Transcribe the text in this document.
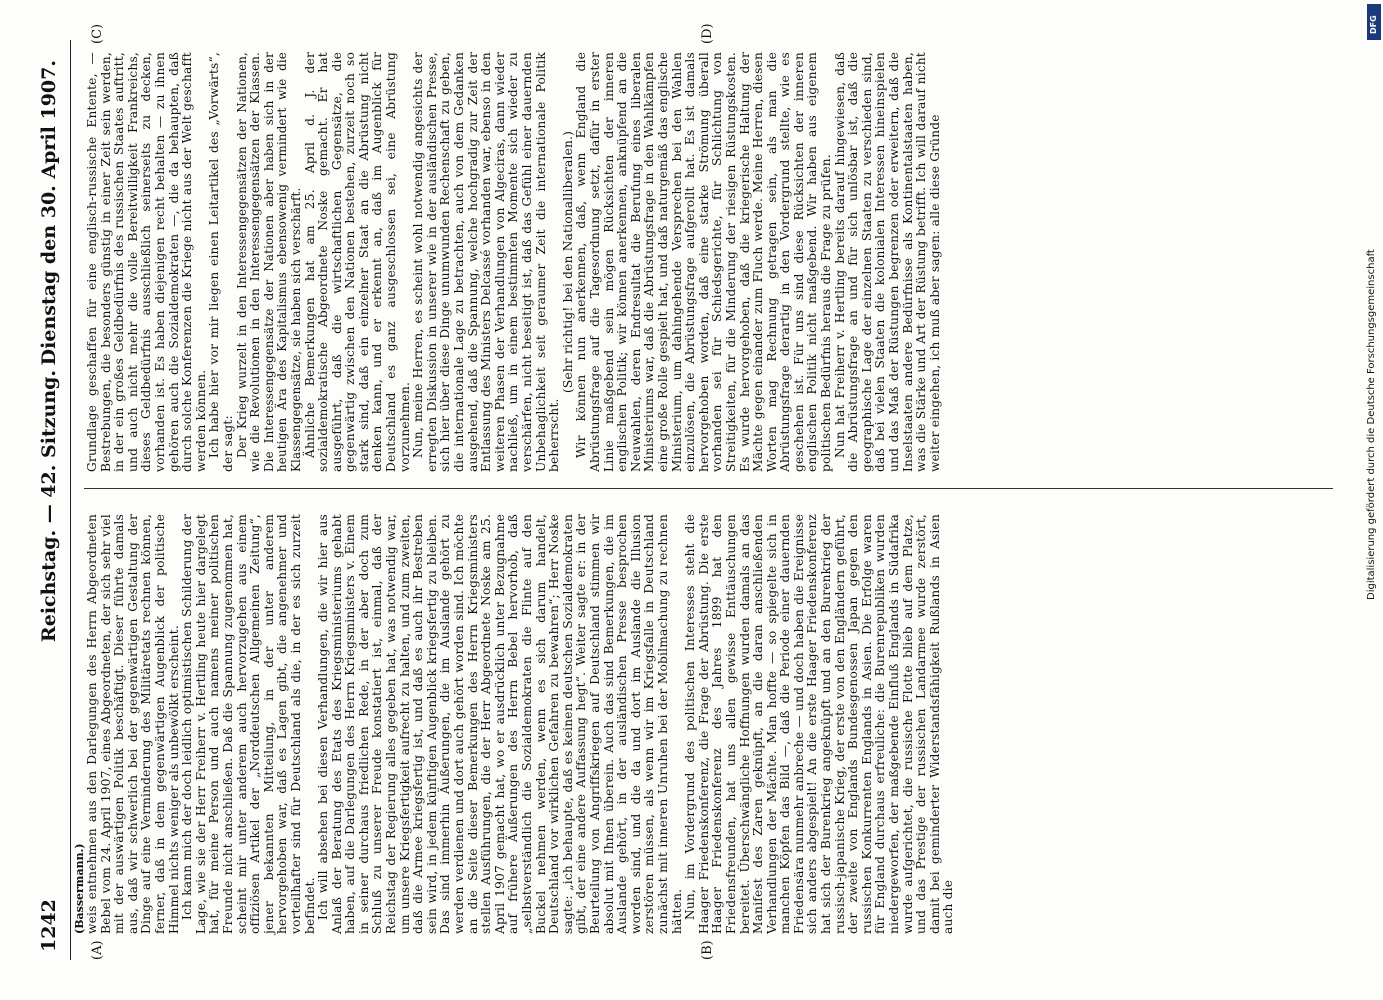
1242
Reichstag. — 42. Sitzung.
Dienstag den 30. April 1907.
(Bassermann.)
(A)	(B)
(C)	(D)

weis entnehmen aus den Darlegungen des Herrn Abgeordneten Bebel vom 24. April 1907, eines Abgeordneten, der sich sehr viel mit der auswärtigen Politik beschäftigt. Dieser führte damals aus, daß wir schwerlich bei der gegenwärtigen Gestaltung der Dinge auf eine Verminderung des Militäretats rechnen können, ferner, daß in dem gegenwärtigen Augenblick der politische Himmel nichts weniger als unbewölkt erscheint. Ich kann mich der doch leidlich optimistischen Schilderung der Lage, wie sie der Herr Freiherr v. Hertling heute hier dargelegt hat, für meine Person und auch namens meiner politischen Freunde nicht anschließen. Daß die Spannung zugenommen hat, scheint mir unter anderem auch hervorzugehen aus einem offiziösen Artikel der „Norddeutschen Allgemeinen Zeitung“, jener bekannten Mitteilung, in der unter anderem hervorgehoben war, daß es Lagen gibt, die angenehmer und vorteilhafter sind für Deutschland als die, in der es sich zurzeit befindet. Ich will absehen bei diesen Verhandlungen, die wir hier aus Anlaß der Beratung des Etats des Kriegsministeriums gehabt haben, auf die Darlegungen des Herrn Kriegsministers v. Einem in seiner durchaus friedlichen Rede, in der aber doch zum Schluß zu unserer Freude konstatiert ist, einmal, daß der Reichstag der Regierung alles gegeben hat, was notwendig war, um unsere Kriegsfertigkeit aufrecht zu halten, und zum zweiten, daß die Armee kriegsfertig ist, und daß es auch ihr Bestreben sein wird, in jedem künftigen Augenblick kriegsfertig zu bleiben. Das sind immerhin Äußerungen, die im Auslande gehört zu werden verdienen und dort auch gehört worden sind. Ich möchte an die Seite dieser Bemerkungen des Herrn Kriegsministers stellen Ausführungen, die der Herr Abgeordnete Noske am 25. April 1907 gemacht hat, wo er ausdrücklich unter Bezugnahme auf frühere Äußerungen des Herrn Bebel hervorhob, daß „selbstverständlich die Sozialdemokraten die Flinte auf den Buckel nehmen werden, wenn es sich darum handelt, Deutschland vor wirklichen Gefahren zu bewahren“; Herr Noske sagte: „ich behaupte, daß es keinen deutschen Sozialdemokraten gibt, der eine andere Auffassung hegt“. Weiter sagte er: in der Beurteilung von Angriffskriegen auf Deutschland stimmen wir absolut mit Ihnen überein. Auch das sind Bemerkungen, die im Auslande gehört, in der ausländischen Presse besprochen worden sind, und die da und dort im Auslande die Illusion zerstören müssen, als wenn wir im Kriegsfalle in Deutschland zunächst mit inneren Unruhen bei der Mobilmachung zu rechnen hätten. Nun, im Vordergrund des politischen Interesses steht die Haager Friedenskonferenz, die Frage der Abrüstung. Die erste Haager Friedenskonferenz des Jahres 1899 hat den Friedensfreunden, hat uns allen gewisse Enttäuschungen bereitet. Überschwängliche Hoffnungen wurden damals an das Manifest des Zaren geknüpft, an die daran anschließenden Verhandlungen der Mächte. Man hoffte — so spiegelte sich in manchen Köpfen das Bild —, daß die Periode einer dauernden Friedensära nunmehr anbreche — und doch haben die Ereignisse sich anders abgespielt! An die erste Haager Friedenskonferenz hat sich der Burenkrieg angeknüpft und an den Burenkrieg der russisch-japanische Krieg, der erste von den Engländern geführt, der zweite von Englands Bundesgenossen Japan gegen den russischen Konkurrenten Englands in Asien. Die Erfolge waren für England durchaus erfreuliche: die Burenrepubliken wurden niedergeworfen, der maßgebende Einfluß Englands in Südafrika wurde aufgerichtet, die russische Flotte blieb auf dem Platze, und das Prestige der russischen Landarmee wurde zerstört, damit bei geminderter Widerstandsfähigkeit Rußlands in Asien auch die

Grundlage geschaffen für eine englisch-russische Entente, — Bestrebungen, die besonders günstig in einer Zeit sein werden, in der ein großes Geldbedürfnis des russischen Staates auftritt, und auch nicht mehr die volle Bereitwilligkeit Frankreichs, dieses Geldbedürfnis ausschließlich seinerseits zu decken, vorhanden ist. Es haben diejenigen recht behalten — zu ihnen gehören auch die Sozialdemokraten —, die da behaupten, daß durch solche Konferenzen die Kriege nicht aus der Welt geschafft werden können. Ich habe hier vor mir liegen einen Leitartikel des „Vorwärts“, der sagt: Der Krieg wurzelt in den Interessengegensätzen der Nationen, wie die Revolutionen in den Interessengegensätzen der Klassen. Die Interessengegensätze der Nationen aber haben sich in der heutigen Ära des Kapitalismus ebensowenig vermindert wie die Klassengegensätze, sie haben sich verschärft. Ähnliche Bemerkungen hat am 25. April d. J. der sozialdemokratische Abgeordnete Noske gemacht. Er hat ausgeführt, daß die wirtschaftlichen Gegensätze, die gegenwärtig zwischen den Nationen bestehen, zurzeit noch so stark sind, daß ein einzelner Staat an die Abrüstung nicht denken kann, und er erkennt an, daß im Augenblick für Deutschland es ganz ausgeschlossen sei, eine Abrüstung vorzunehmen. Nun, meine Herren, es scheint wohl notwendig angesichts der erregten Diskussion in unserer wie in der ausländischen Presse, sich hier über diese Dinge unumwunden Rechenschaft zu geben, die internationale Lage zu betrachten, auch von dem Gedanken ausgehend, daß die Spannung, welche hochgradig zur Zeit der Entlassung des Ministers Delcassé vorhanden war, ebenso in den weiteren Phasen der Verhandlungen von Algeciras, dann wieder nachließ, um in einem bestimmten Momente sich wieder zu verschärfen, nicht beseitigt ist, daß das Gefühl einer dauernden Unbehaglichkeit seit geraumer Zeit die internationale Politik beherrscht.

(Sehr richtig! bei den Nationalliberalen.) Wir können nun anerkennen, daß, wenn England die Abrüstungsfrage auf die Tagesordnung setzt, dafür in erster Linie maßgebend sein mögen Rücksichten der inneren englischen Politik; wir können anerkennen, anknüpfend an die Neuwahlen, deren Endresultat die Berufung eines liberalen Ministeriums war, daß die Abrüstungsfrage in den Wahlkämpfen eine große Rolle gespielt hat, und daß naturgemäß das englische Ministerium, um dahingehende Versprechen bei den Wahlen einzulösen, die Abrüstungsfrage aufgerollt hat. Es ist damals hervorgehoben worden, daß eine starke Strömung überall vorhanden sei für Schiedsgerichte, für Schlichtung von Streitigkeiten, für die Minderung der riesigen Rüstungskosten. Es wurde hervorgehoben, daß die kriegerische Haltung der Mächte gegen einander zum Fluch werde. Meine Herren, diesen Worten mag Rechnung getragen sein, als man die Abrüstungsfrage derartig in den Vordergrund stellte, wie es geschehen ist. Für uns sind diese Rücksichten der inneren englischen Politik nicht maßgebend. Wir haben aus eigenem politischen Bedürfnis heraus die Frage zu prüfen. Nun hat Freiherr v. Hertling bereits darauf hingewiesen, daß die Abrüstungsfrage an und für sich unlösbar ist, daß die geographische Lage der einzelnen Staaten zu verschieden sind, daß bei vielen Staaten die kolonialen Interessen hineinspielen und das Maß der Rüstungen begrenzen oder erweitern, daß die Inselstaaten andere Bedürfnisse als Kontinentalstaaten haben, was die Stärke und Art der Rüstung betrifft. Ich will darauf nicht weiter eingehen, ich muß aber sagen: alle diese Gründe

DFG
Digitalisierung gefördert durch die Deutsche Forschungsgemeinschaft
